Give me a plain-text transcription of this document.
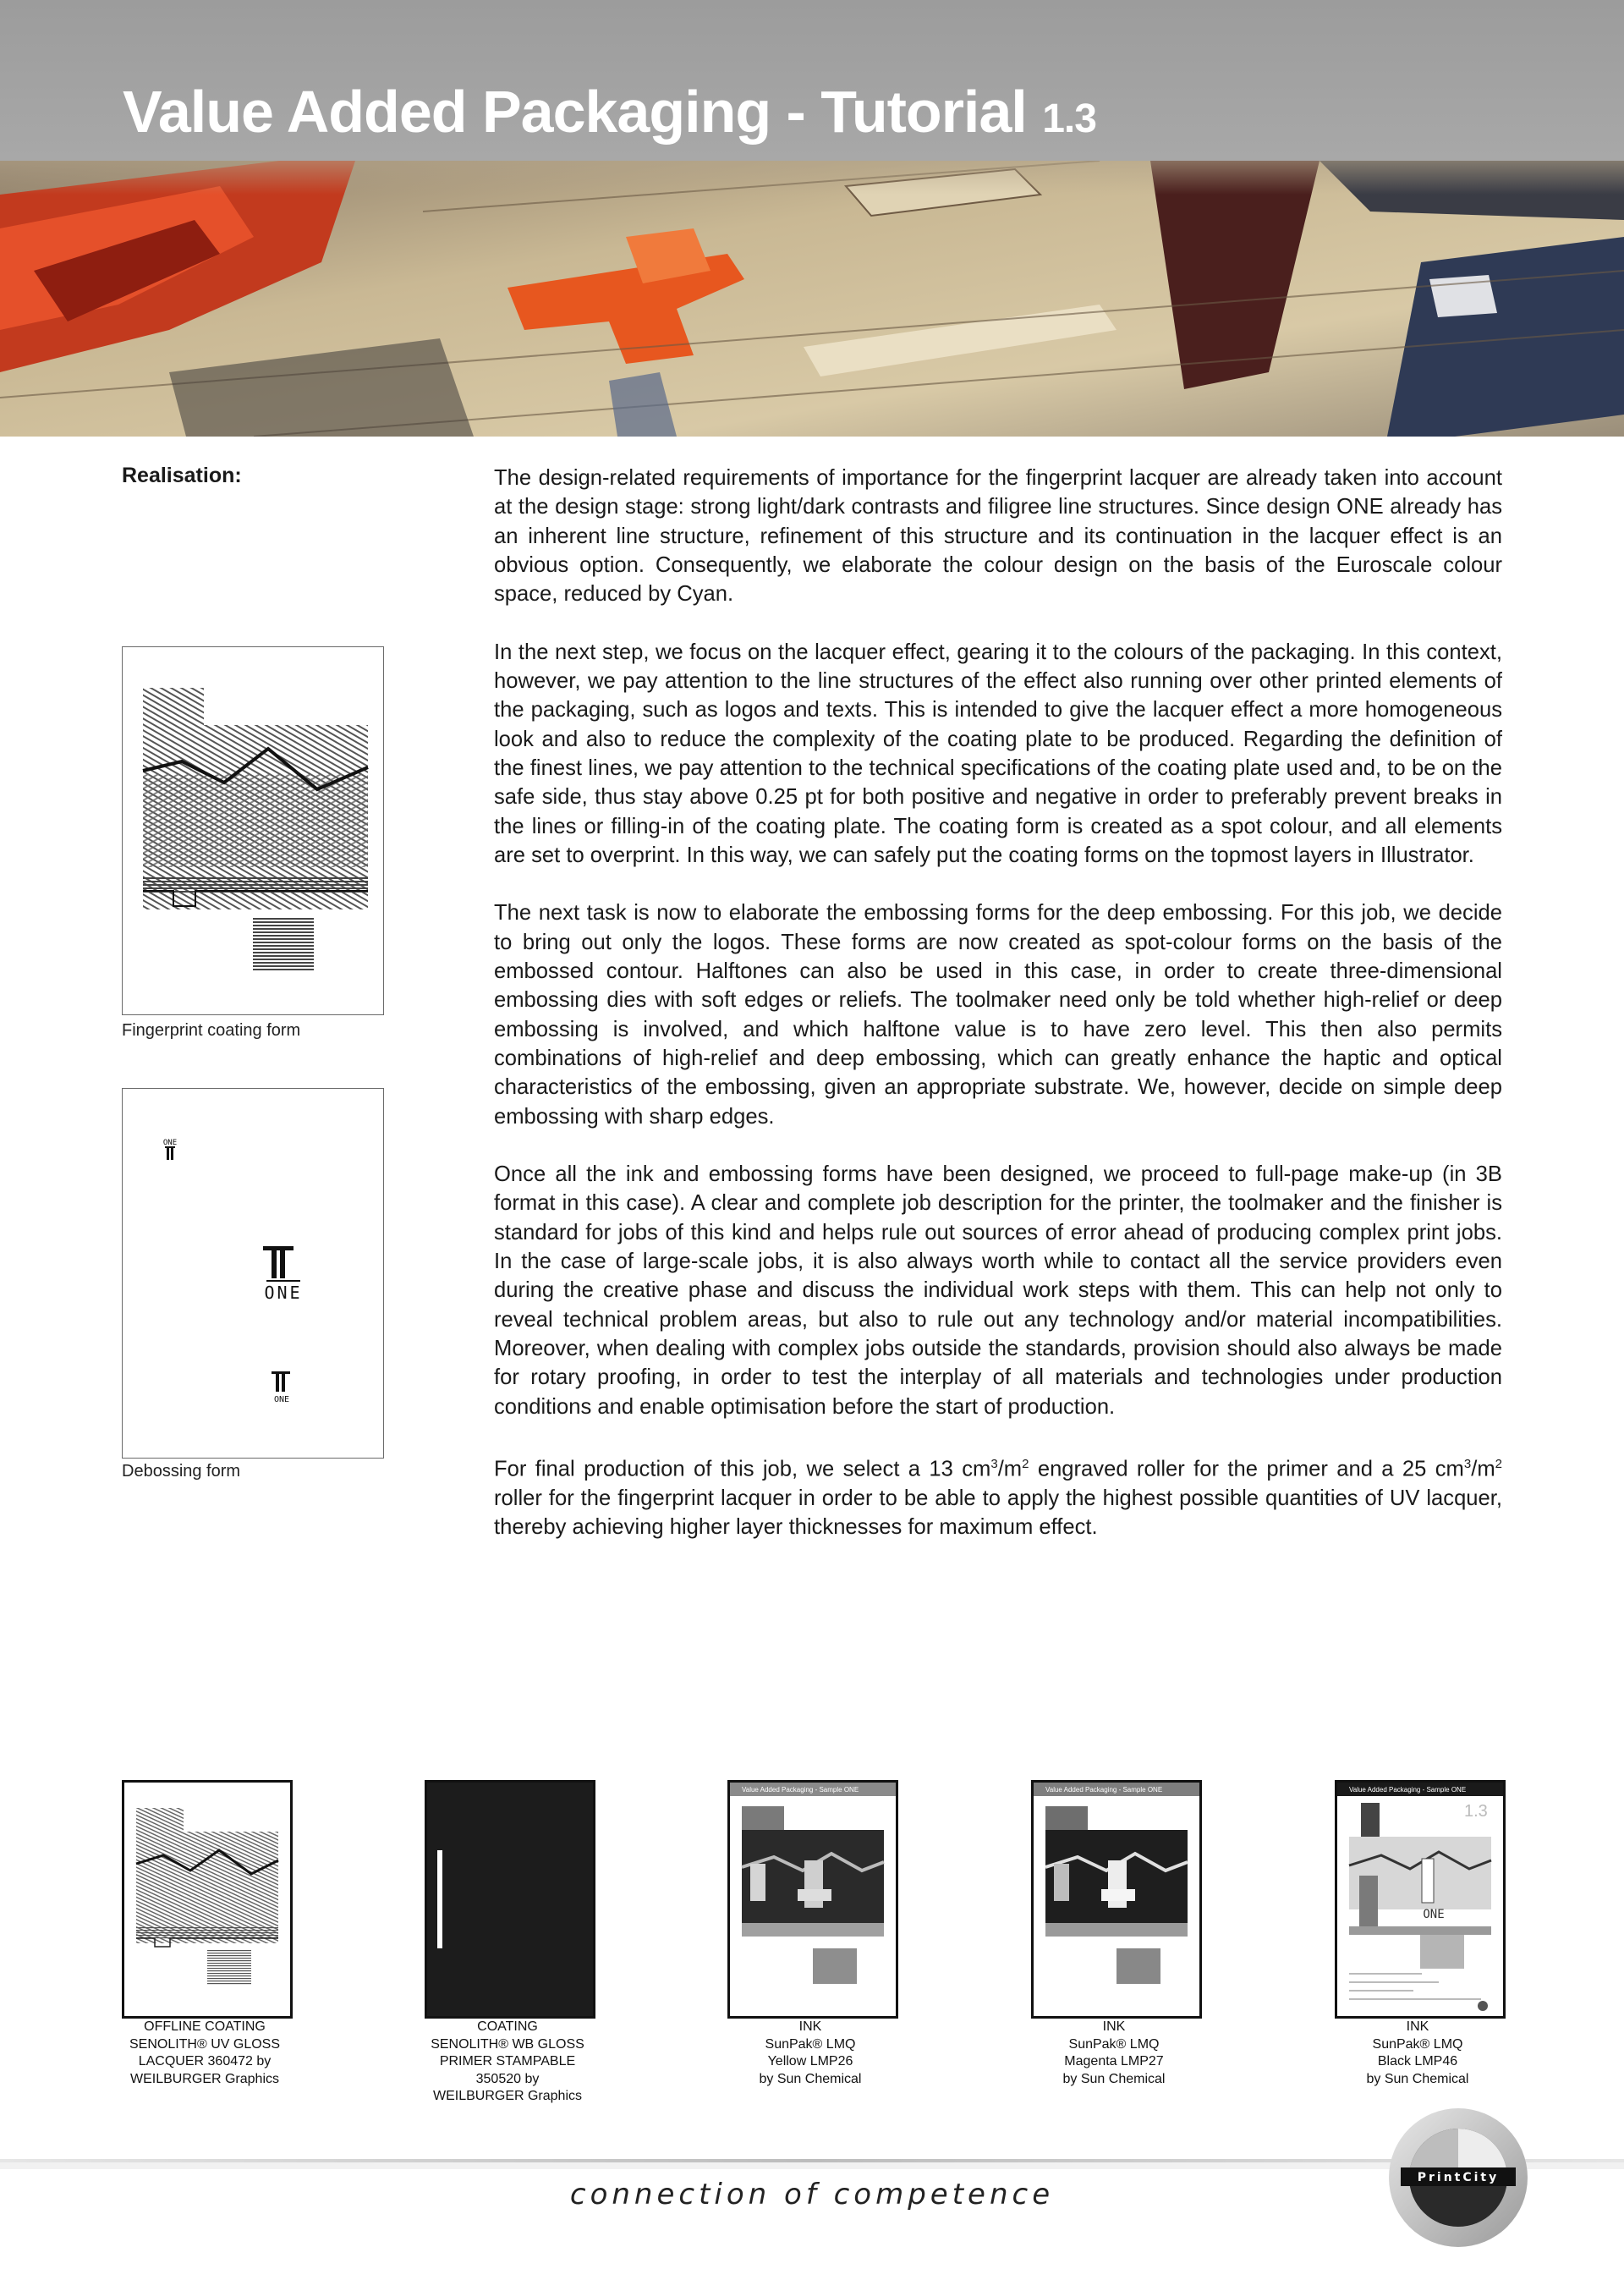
Value Added Packaging - Tutorial 1.3
Realisation:	The design-related requirements of importance for the fingerprint lacquer are already taken into account at the design stage: strong light/dark contrasts and filigree line structures. Since design ONE already has an inherent line structure, refinement of this structure and its continuation in the lacquer effect is an obvious option. Consequently, we elaborate the colour design on the basis of the Euroscale colour space, reduced by Cyan.

In the next step, we focus on the lacquer effect, gearing it to the colours of the packaging. In this context, however, we pay attention to the line structures of the effect also running over other printed elements of the packaging, such as logos and texts. This is intended to give the lacquer effect a more homogeneous look and also to reduce the complexity of the coating plate to be produced. Regarding the definition of the finest lines, we pay attention to the technical specifications of the coating plate used and, to be on the safe side, thus stay above 0.25 pt for both positive and negative in order to preferably prevent breaks in the lines or filling-in of the coating plate. The coating form is created as a spot colour, and all elements are set to overprint. In this way, we can safely put the coating forms on the topmost layers in Illustrator.

The next task is now to elaborate the embossing forms for the deep embossing. For this job, we decide to bring out only the logos. These forms are now created as spot-colour forms on the basis of the embossed contour. Halftones can also be used in this case, in order to create three-dimensional embossing dies with soft edges or reliefs. The toolmaker need only be told whether high-relief or deep embossing is involved, and which halftone value is to have zero level. This then also permits combinations of high-relief and deep embossing, which can greatly enhance the haptic and optical characteristics of the embossing, given an appropriate substrate. We, however, decide on simple deep embossing with sharp edges.

Once all the ink and embossing forms have been designed, we proceed to full-page make-up (in 3B format in this case). A clear and complete job description for the printer, the toolmaker and the finisher is standard for jobs of this kind and helps rule out sources of error ahead of producing complex print jobs. In the case of large-scale jobs, it is also always worth while to contact all the service providers even during the creative phase and discuss the individual work steps with them. This can help not only to reveal technical problem areas, but also to rule out any technology and/or material incompatibilities. Moreover, when dealing with complex jobs outside the standards, provision should also always be made for rotary proofing, in order to test the interplay of all materials and technologies under production conditions and enable optimisation before the start of production.

For final production of this job, we select a 13 $cm^3/m^2$ engraved roller for the primer and a 25 $cm^3/m^2$ roller for the fingerprint lacquer in order to be able to apply the highest possible quantities of UV lacquer, thereby achieving higher layer thicknesses for maximum effect.

Fingerprint coating form
ONE
ONE
ONE
Debossing form
OFFLINE COATING
SENOLITH® UV GLOSS
LACQUER 360472 by
WEILBURGER Graphics
COATING
SENOLITH® WB GLOSS
PRIMER STAMPABLE
350520 by
WEILBURGER Graphics
Value Added Packaging - Sample ONE
INK
SunPak® LMQ
Yellow LMP26
by Sun Chemical
Value Added Packaging - Sample ONE
INK
SunPak® LMQ
Magenta LMP27
by Sun Chemical
Value Added Packaging - Sample ONE
1.3
ONE
INK
SunPak® LMQ
Black LMP46
by Sun Chemical
connection of competence	PrintCity
